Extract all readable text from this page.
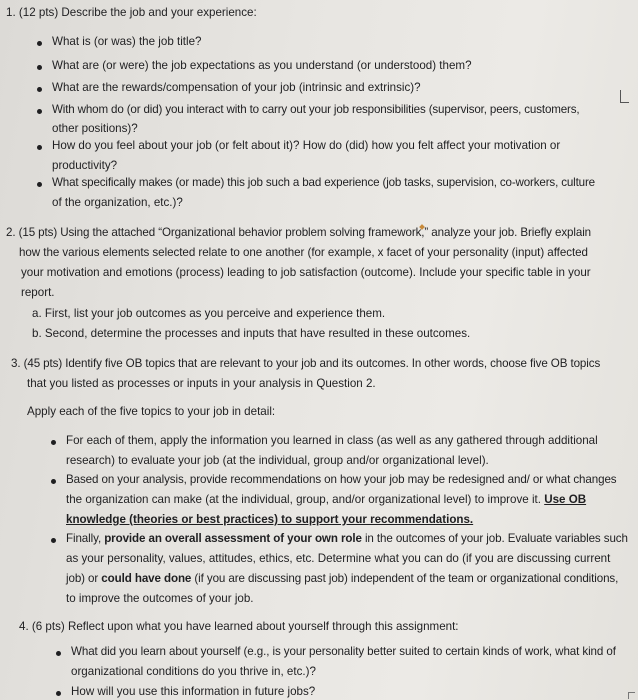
1. (12 pts) Describe the job and your experience:
What is (or was) the job title?
What are (or were) the job expectations as you understand (or understood) them?
What are the rewards/compensation of your job (intrinsic and extrinsic)?
With whom do (or did) you interact with to carry out your job responsibilities (supervisor, peers, customers,
other positions)?
How do you feel about your job (or felt about it)? How do (did) how you felt affect your motivation or
productivity?
What specifically makes (or made) this job such a bad experience (job tasks, supervision, co-workers, culture
of the organization, etc.)?
2. (15 pts) Using the attached “Organizational behavior problem solving framework,” analyze your job. Briefly explain
how the various elements selected relate to one another (for example, x facet of your personality (input) affected
your motivation and emotions (process) leading to job satisfaction (outcome). Include your specific table in your
report.
a. First, list your job outcomes as you perceive and experience them.
b. Second, determine the processes and inputs that have resulted in these outcomes.
3. (45 pts) Identify five OB topics that are relevant to your job and its outcomes. In other words, choose five OB topics
that you listed as processes or inputs in your analysis in Question 2.
Apply each of the five topics to your job in detail:
For each of them, apply the information you learned in class (as well as any gathered through additional
research) to evaluate your job (at the individual, group and/or organizational level).
Based on your analysis, provide recommendations on how your job may be redesigned and/ or what changes
the organization can make (at the individual, group, and/or organizational level) to improve it. Use OB
knowledge (theories or best practices) to support your recommendations.
Finally, provide an overall assessment of your own role in the outcomes of your job. Evaluate variables such
as your personality, values, attitudes, ethics, etc. Determine what you can do (if you are discussing current
job) or could have done (if you are discussing past job) independent of the team or organizational conditions,
to improve the outcomes of your job.
4. (6 pts) Reflect upon what you have learned about yourself through this assignment:
What did you learn about yourself (e.g., is your personality better suited to certain kinds of work, what kind of
organizational conditions do you thrive in, etc.)?
How will you use this information in future jobs?
